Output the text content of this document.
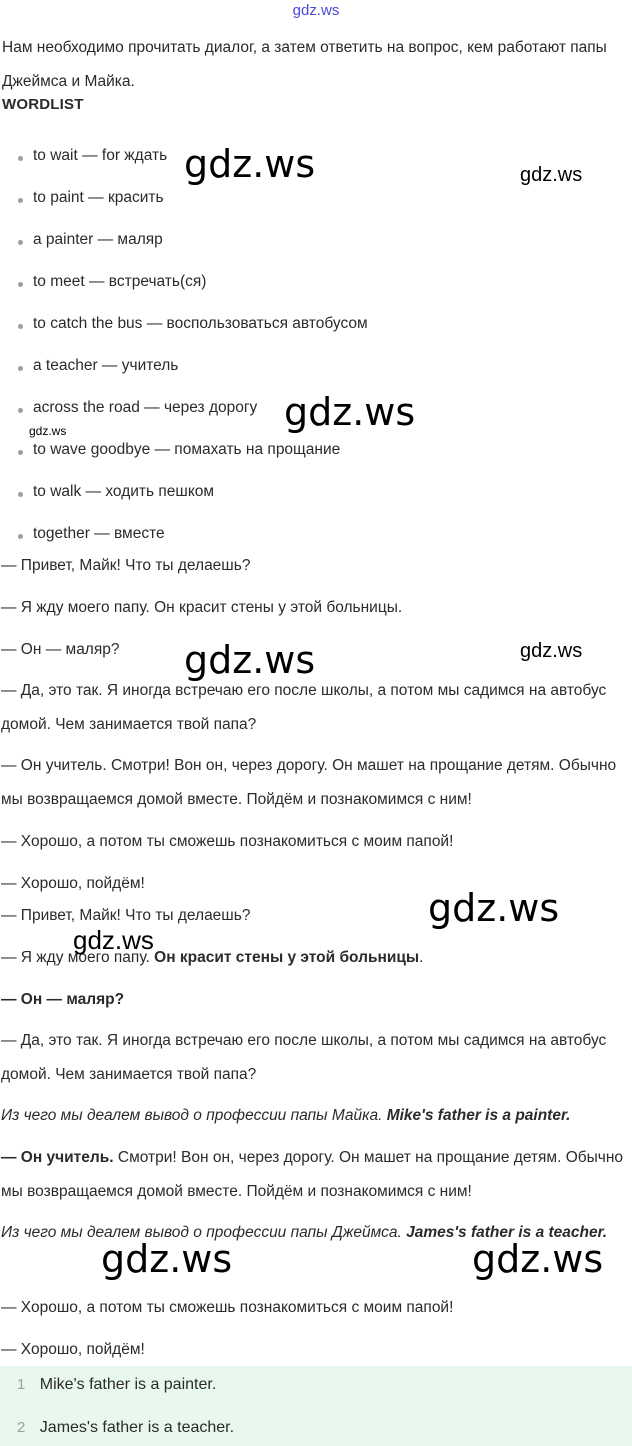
gdz.ws
Нам необходимо прочитать диалог, а затем ответить на вопрос, кем работают папы Джеймса и Майка.
WORDLIST
to wait — for ждать
to paint — красить
a painter — маляр
to meet — встречать(ся)
to catch the bus — воспользоваться автобусом
a teacher — учитель
across the road — через дорогу
to wave goodbye — помахать на прощание
to walk — ходить пешком
together — вместе
— Привет, Майк! Что ты делаешь?
— Я жду моего папу. Он красит стены у этой больницы.
— Он — маляр?
— Да, это так. Я иногда встречаю его после школы, а потом мы садимся на автобус домой. Чем занимается твой папа?
— Он учитель. Смотри! Вон он, через дорогу. Он машет на прощание детям. Обычно мы возвращаемся домой вместе. Пойдём и познакомимся с ним!
— Хорошо, а потом ты сможешь познакомиться с моим папой!
— Хорошо, пойдём!
— Привет, Майк! Что ты делаешь?
— Я жду моего папу. Он красит стены у этой больницы.
— Он — маляр?
— Да, это так. Я иногда встречаю его после школы, а потом мы садимся на автобус домой. Чем занимается твой папа?
Из чего мы деалем вывод о профессии папы Майка. Mike's father is a painter.
— Он учитель. Смотри! Вон он, через дорогу. Он машет на прощание детям. Обычно мы возвращаемся домой вместе. Пойдём и познакомимся с ним!
Из чего мы деалем вывод о профессии папы Джеймса. James's father is a teacher.
— Хорошо, а потом ты сможешь познакомиться с моим папой!
— Хорошо, пойдём!
1 Mike's father is a painter.
2 James's father is a teacher.
gdz.ws	gdz.ws
gdz.ws
gdz.ws
gdz.ws	gdz.ws
gdz.ws
gdz.ws
gdz.ws	gdz.ws
